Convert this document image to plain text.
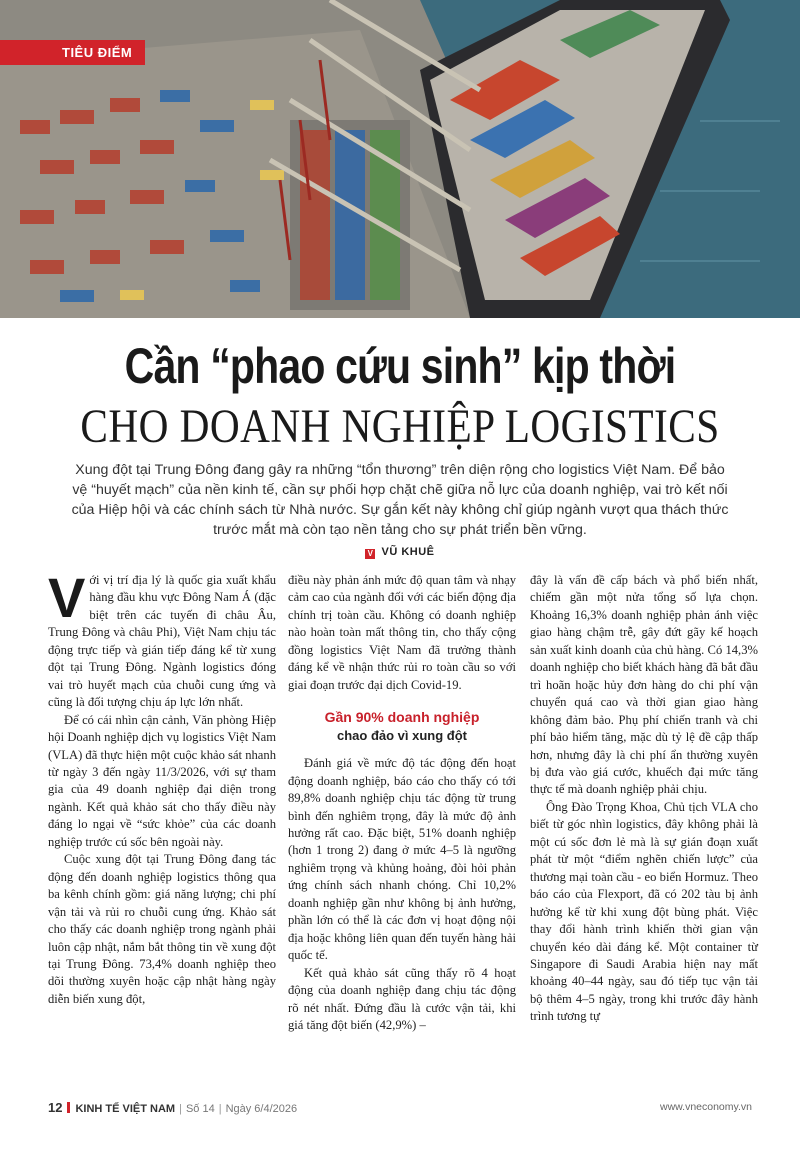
TIÊU ĐIỂM
Cần “phao cứu sinh” kịp thời
CHO DOANH NGHIỆP LOGISTICS
Xung đột tại Trung Đông đang gây ra những “tổn thương” trên diện rộng cho logistics Việt Nam. Để bảo vệ “huyết mạch” của nền kinh tế, cần sự phối hợp chặt chẽ giữa nỗ lực của doanh nghiệp, vai trò kết nối của Hiệp hội và các chính sách từ Nhà nước. Sự gắn kết này không chỉ giúp ngành vượt qua thách thức trước mắt mà còn tạo nền tảng cho sự phát triển bền vững.
V VŨ KHUÊ

Với vị trí địa lý là quốc gia xuất khẩu hàng đầu khu vực Đông Nam Á (đặc biệt trên các tuyến đi châu Âu, Trung Đông và châu Phi), Việt Nam chịu tác động trực tiếp và gián tiếp đáng kể từ xung đột tại Trung Đông. Ngành logistics đóng vai trò huyết mạch của chuỗi cung ứng và cũng là đối tượng chịu áp lực lớn nhất.

Để có cái nhìn cận cảnh, Văn phòng Hiệp hội Doanh nghiệp dịch vụ logistics Việt Nam (VLA) đã thực hiện một cuộc khảo sát nhanh từ ngày 3 đến ngày 11/3/2026, với sự tham gia của 49 doanh nghiệp đại diện trong ngành. Kết quả khảo sát cho thấy điều này đáng lo ngại về “sức khỏe” của các doanh nghiệp trước cú sốc bên ngoài này.

Cuộc xung đột tại Trung Đông đang tác động đến doanh nghiệp logistics thông qua ba kênh chính gồm: giá năng lượng; chi phí vận tải và rủi ro chuỗi cung ứng. Khảo sát cho thấy các doanh nghiệp trong ngành phải luôn cập nhật, nắm bắt thông tin về xung đột tại Trung Đông. 73,4% doanh nghiệp theo dõi thường xuyên hoặc cập nhật hàng ngày diễn biến xung đột,

điều này phản ánh mức độ quan tâm và nhạy cảm cao của ngành đối với các biến động địa chính trị toàn cầu. Không có doanh nghiệp nào hoàn toàn mất thông tin, cho thấy cộng đồng logistics Việt Nam đã trưởng thành đáng kể về nhận thức rủi ro toàn cầu so với giai đoạn trước đại dịch Covid-19.

Gần 90% doanh nghiệp
chao đảo vì xung đột

Đánh giá về mức độ tác động đến hoạt động doanh nghiệp, báo cáo cho thấy có tới 89,8% doanh nghiệp chịu tác động từ trung bình đến nghiêm trọng, đây là mức độ ảnh hưởng rất cao. Đặc biệt, 51% doanh nghiệp (hơn 1 trong 2) đang ở mức 4–5 là ngưỡng nghiêm trọng và khủng hoảng, đòi hỏi phản ứng chính sách nhanh chóng. Chỉ 10,2% doanh nghiệp gần như không bị ảnh hưởng, phần lớn có thể là các đơn vị hoạt động nội địa hoặc không liên quan đến tuyến hàng hải quốc tế.

Kết quả khảo sát cũng thấy rõ 4 hoạt động của doanh nghiệp đang chịu tác động rõ nét nhất. Đứng đầu là cước vận tải, khi giá tăng đột biến (42,9%) –

đây là vấn đề cấp bách và phổ biến nhất, chiếm gần một nửa tổng số lựa chọn. Khoảng 16,3% doanh nghiệp phản ánh việc giao hàng chậm trễ, gây đứt gãy kế hoạch sản xuất kinh doanh của chủ hàng. Có 14,3% doanh nghiệp cho biết khách hàng đã bắt đầu trì hoãn hoặc hủy đơn hàng do chi phí vận chuyển quá cao và thời gian giao hàng không đảm bảo. Phụ phí chiến tranh và chi phí bảo hiểm tăng, mặc dù tỷ lệ đề cập thấp hơn, nhưng đây là chi phí ẩn thường xuyên bị đưa vào giá cước, khuếch đại mức tăng thực tế mà doanh nghiệp phải chịu.

Ông Đào Trọng Khoa, Chủ tịch VLA cho biết từ góc nhìn logistics, đây không phải là một cú sốc đơn lẻ mà là sự gián đoạn xuất phát từ một “điểm nghẽn chiến lược” của thương mại toàn cầu - eo biển Hormuz. Theo báo cáo của Flexport, đã có 202 tàu bị ảnh hưởng kể từ khi xung đột bùng phát. Việc thay đổi hành trình khiến thời gian vận chuyển kéo dài đáng kể. Một container từ Singapore đi Saudi Arabia hiện nay mất khoảng 40–44 ngày, sau đó tiếp tục vận tải bộ thêm 4–5 ngày, trong khi trước đây hành trình tương tự

12 KINH TẾ VIỆT NAM | Số 14 | Ngày 6/4/2026	www.vneconomy.vn
